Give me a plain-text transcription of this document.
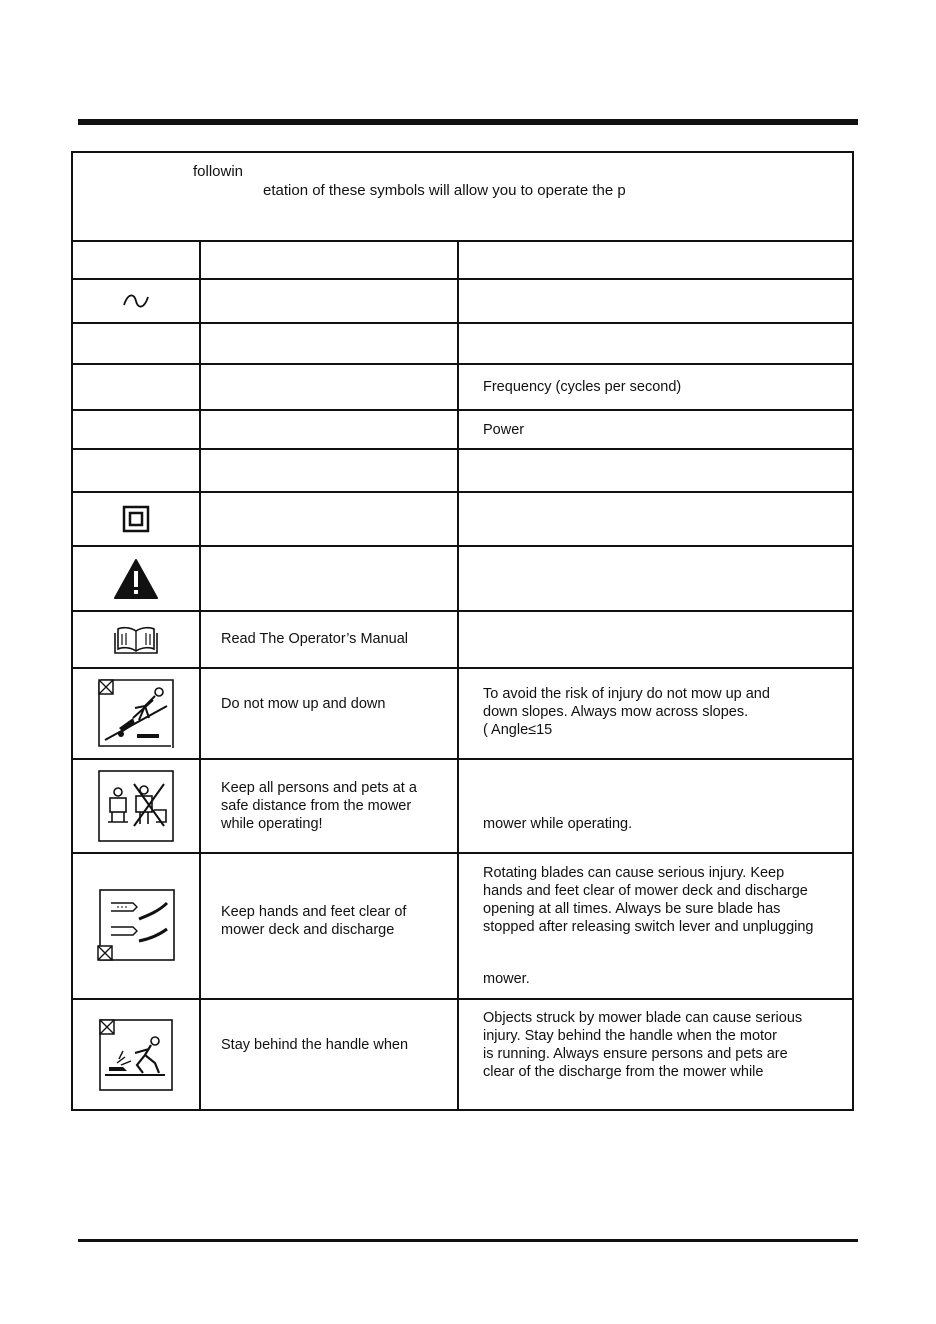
followin
etation of these symbols will allow you to operate the p
Frequency (cycles per second)
Power
Read The Operator’s Manual
Do not mow up and down
To avoid the risk of injury do not mow up and
down slopes. Always mow across slopes.
( Angle≤15
Keep all persons and pets at a
safe distance from the mower
while operating!	mower while operating.
Keep hands and feet clear of
mower deck and discharge
Rotating blades can cause serious injury. Keep
hands and feet clear of mower deck and discharge
opening at all times. Always be sure blade has
stopped after releasing switch lever and unplugging
mower.
Stay behind the handle when
Objects struck by mower blade can cause serious
injury. Stay behind the handle when the motor
is running. Always ensure persons and pets are
clear of the discharge from the mower while
